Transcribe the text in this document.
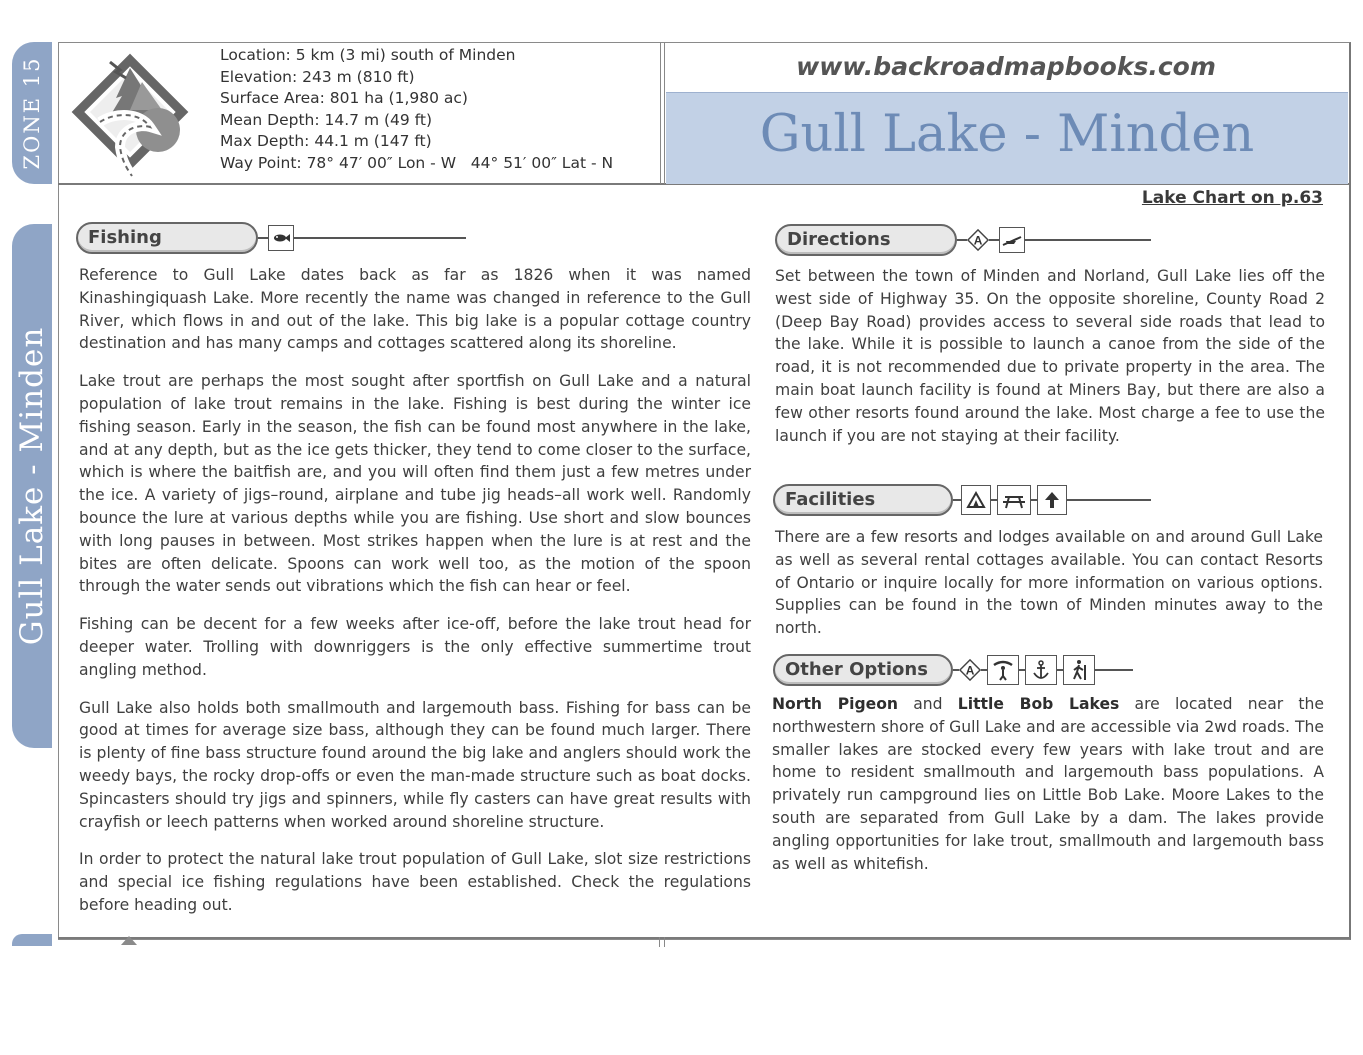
ZONE 15
Gull Lake - Minden
Location: 5 km (3 mi) south of Minden
Elevation: 243 m (810 ft)
Surface Area: 801 ha (1,980 ac)
Mean Depth: 14.7 m (49 ft)
Max Depth: 44.1 m (147 ft)
Way Point: 78° 47′ 00″ Lon - W   44° 51′ 00″ Lat - N
www.backroadmapbooks.com
Gull Lake - Minden
Lake Chart on p.63
Fishing

Reference to Gull Lake dates back as far as 1826 when it was named Kinashingiquash Lake. More recently the name was changed in reference to the Gull River, which flows in and out of the lake. This big lake is a popular cottage country destination and has many camps and cottages scattered along its shoreline.

Lake trout are perhaps the most sought after sportfish on Gull Lake and a natural population of lake trout remains in the lake. Fishing is best during the winter ice fishing season. Early in the season, the fish can be found most anywhere in the lake, and at any depth, but as the ice gets thicker, they tend to come closer to the surface, which is where the baitfish are, and you will often find them just a few metres under the ice. A variety of jigs–round, airplane and tube jig heads–all work well. Randomly bounce the lure at various depths while you are fishing. Use short and slow bounces with long pauses in between. Most strikes happen when the lure is at rest and the bites are often delicate. Spoons can work well too, as the motion of the spoon through the water sends out vibrations which the fish can hear or feel.

Fishing can be decent for a few weeks after ice-off, before the lake trout head for deeper water. Trolling with downriggers is the only effective summertime trout angling method.

Gull Lake also holds both smallmouth and largemouth bass. Fishing for bass can be good at times for average size bass, although they can be found much larger. There is plenty of fine bass structure found around the big lake and anglers should work the weedy bays, the rocky drop-offs or even the man-made structure such as boat docks. Spincasters should try jigs and spinners, while fly casters can have great results with crayfish or leech patterns when worked around shoreline structure.

In order to protect the natural lake trout population of Gull Lake, slot size restrictions and special ice fishing regulations have been established. Check the regulations before heading out.

Directions	A

Set between the town of Minden and Norland, Gull Lake lies off the west side of Highway 35. On the opposite shoreline, County Road 2 (Deep Bay Road) provides access to several side roads that lead to the lake. While it is possible to launch a canoe from the side of the road, it is not recommended due to private property in the area. The main boat launch facility is found at Miners Bay, but there are also a few other resorts found around the lake. Most charge a fee to use the launch if you are not staying at their facility.

Facilities

There are a few resorts and lodges available on and around Gull Lake as well as several rental cottages available. You can contact Resorts of Ontario or inquire locally for more information on various options. Supplies can be found in the town of Minden minutes away to the north.

Other Options	A

North Pigeon and Little Bob Lakes are located near the northwestern shore of Gull Lake and are accessible via 2wd roads. The smaller lakes are stocked every few years with lake trout and are home to resident smallmouth and largemouth bass populations. A privately run campground lies on Little Bob Lake. Moore Lakes to the south are separated from Gull Lake by a dam. The lakes provide angling opportunities for lake trout, smallmouth and largemouth bass as well as whitefish.
